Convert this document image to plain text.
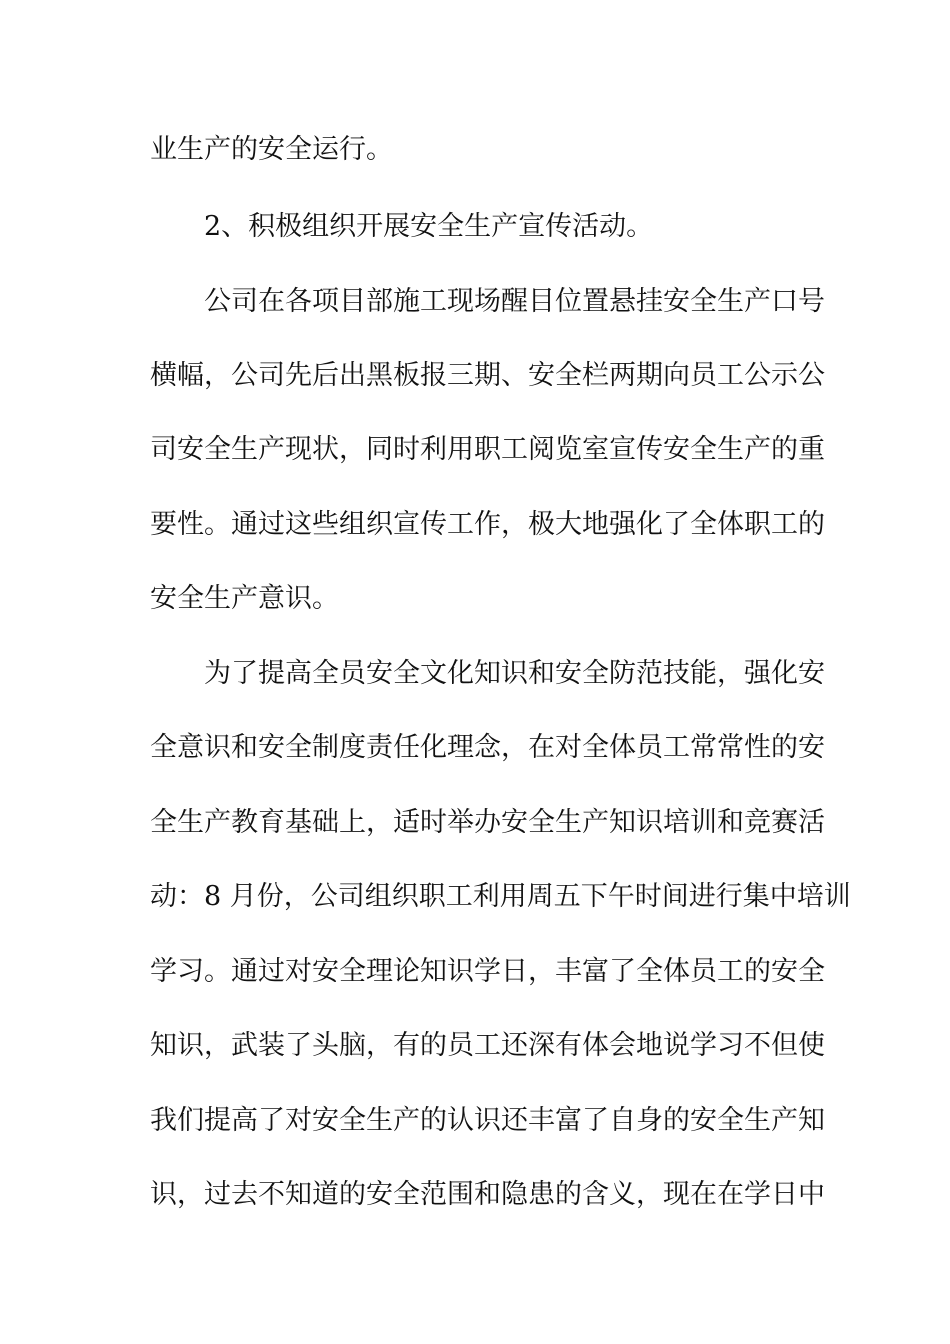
业生产的安全运行。
2、积极组织开展安全生产宣传活动。
公司在各项目部施工现场醒目位置悬挂安全生产口号
横幅，公司先后出黑板报三期、安全栏两期向员工公示公
司安全生产现状，同时利用职工阅览室宣传安全生产的重
要性。通过这些组织宣传工作，极大地强化了全体职工的
安全生产意识。
为了提高全员安全文化知识和安全防范技能，强化安
全意识和安全制度责任化理念，在对全体员工常常性的安
全生产教育基础上，适时举办安全生产知识培训和竞赛活
动：8 月份，公司组织职工利用周五下午时间进行集中培训
学习。通过对安全理论知识学日，丰富了全体员工的安全
知识，武装了头脑，有的员工还深有体会地说学习不但使
我们提高了对安全生产的认识还丰富了自身的安全生产知
识，过去不知道的安全范围和隐患的含义，现在在学日中
